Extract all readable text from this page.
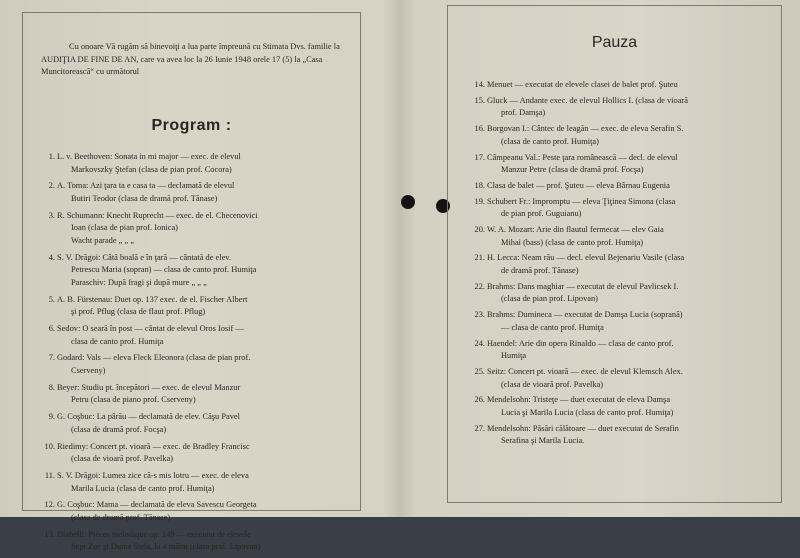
Cu onoare Vă rugăm să binevoiţi a lua parte împreună cu Stimata Dvs. familie la AUDIŢIA DE FINE DE AN, care va avea loc la 26 Iunie 1948 orele 17 (5) la „Casa Muncitorească“ cu următorul
Program :
1. L. v. Beethoven: Sonata in mi major — exec. de elevul
Markovszky Ştefan (clasa de pian prof. Cocora)
2. A. Toma: Azi ţara ta e casa ta — declamată de elevul
Butiri Teodor (clasa de dramă prof. Tănase)
3. R. Schumann: Knecht Ruprecht — exec. de el. Checenovici
Ioan (clasa de pian prof. Ionica)
Wacht parade „ „ „
4. S. V. Drăgoi: Câtă boală e în ţară — cântată de elev.
Petrescu Maria (sopran) — clasa de canto prof. Humiţa
Paraschiv: După fragi şi după mure „ „ „
5. A. B. Fürstenau: Duet op. 137 exec. de el. Fischer Albert
şi prof. Pflug (clasa de flaut prof. Pflug)
6. Sedov: O seară în post — cântat de elevul Oros Iosif —
clasa de canto prof. Humiţa
7. Godard: Vals — eleva Fleck Eleonora (clasa de pian prof.
Cserveny)
8. Beyer: Studiu pt. începători — exec. de elevul Manzur
Petru (clasa de piano prof. Cserveny)
9. G. Coşbuc: La pârău — declamată de elev. Căşu Pavel
(clasa de dramă prof. Focşa)
10. Riedimy: Concert pt. vioară — exec. de Bradley Francisc
(clasa de vioară prof. Pavelka)
11. S. V. Drăgoi: Lumea zice că-s mis lotru — exec. de eleva
Marila Lucia (clasa de canto prof. Humiţa)
12. G. Coşbuc: Mama — declamată de eleva Savescu Georgeta
(clasa de dramă prof. Tănase)
13. Diabelli: Pièces melodique op. 149 — executat de elevele
Sepi Zoe şi Duma Stela, la 4 mâini (clasa prof. Lipovan)
Pauza
14. Menuet — executat de elevele clasei de balet prof. Şuteu
15. Gluck — Andante exec. de elevul Hollics I. (clasa de vioară
prof. Damşa)
16. Borgovan I.: Cântec de leagăn — exec. de eleva Serafin S.
(clasa de canto prof. Humiţa)
17. Câmpeanu Val.: Peste ţara românească — decl. de elevul
Manzur Petre (clasa de dramă prof. Focşa)
18. Clasa de balet — prof. Şuteu — eleva Bârnau Eugenia
19. Schubert Fr.: Impromptu — eleva Ţiţinea Simona (clasa
de pian prof. Guguianu)
20. W. A. Mozart: Arie din flautul fermecat — elev Gaia
Mihai (bass) (clasa de canto prof. Humiţa)
21. H. Lecca: Neam rău — decl. elevul Bejenariu Vasile (clasa
de dramă prof. Tănase)
22. Brahms: Dans maghiar — executat de elevul Pavlicsek I.
(clasa de pian prof. Lipovan)
23. Brahms: Dumineca — executat de Damşa Lucia (soprană)
— clasa de canto prof. Humiţa
24. Haendel: Arie din opera Rinaldo — clasa de canto prof.
Humiţa
25. Seitz: Concert pt. vioară — exec. de elevul Klemsch Alex.
(clasa de vioară prof. Pavelka)
26. Mendelsohn: Tristeţe — duet executat de eleva Damşa
Lucia şi Marila Lucia (clasa de canto prof. Humiţa)
27. Mendelsohn: Păsări călătoare — duet executat de Serafin
Serafina şi Marila Lucia.
